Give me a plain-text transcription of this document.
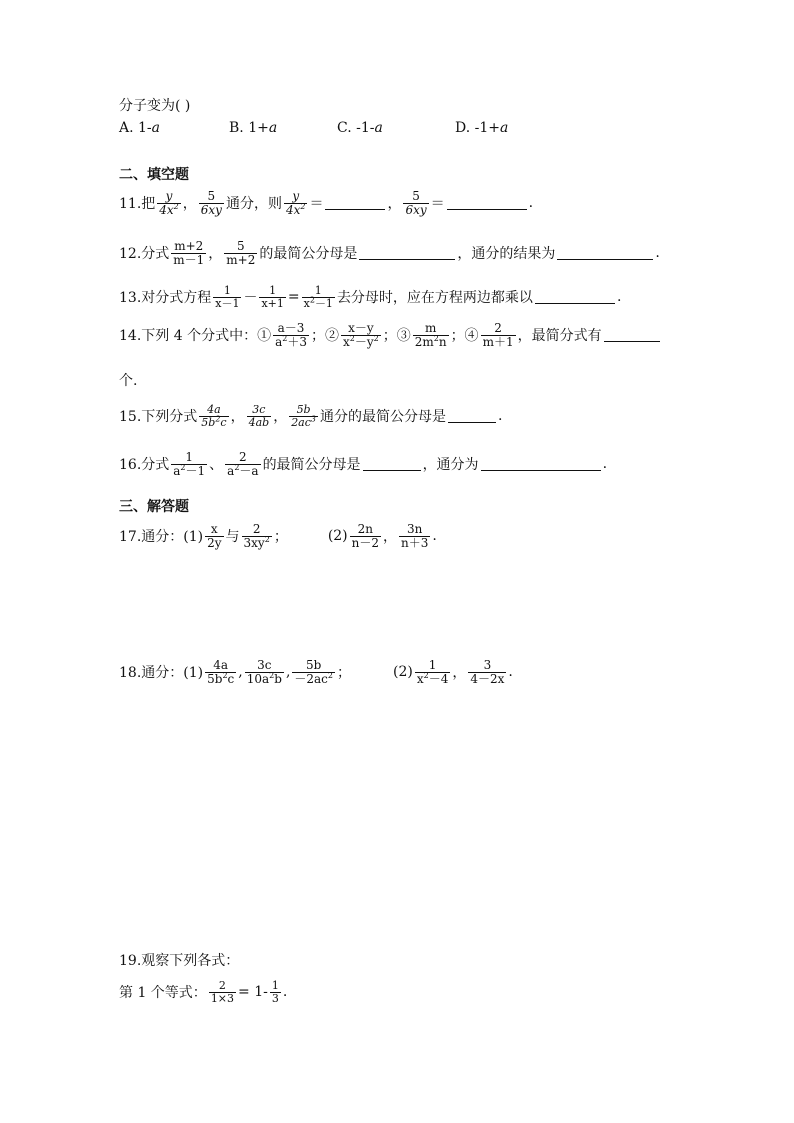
分子变为( )
A. 1-a	B. 1+a	C. -1-a	D. -1+a
二、填空题
11.把 $\frac{y}{4x^2}$ ， $\frac{5}{6xy}$ 通分，则 $\frac{y}{4x^2}$ ＝	， $\frac{5}{6xy}$ ＝	.
12.分式 $\frac{m+2}{m-1}$ ， $\frac{5}{m+2}$ 的最简公分母是	，通分的结果为	.
13.对分式方程 $\frac{1}{x-1} - \frac{1}{x+1} = \frac{1}{x^2-1}$ 去分母时，应在方程两边都乘以	.
14.下列 4 个分式中：① $\frac{a-3}{a^2+3}$ ；② $\frac{x-y}{x^2-y^2}$ ；③ $\frac{m}{2m^2n}$ ；④ $\frac{2}{m+1}$ ，最简分式有
个.
15.下列分式 $\frac{4a}{5b^2c}$ ， $\frac{3c}{4ab}$ ， $\frac{5b}{2ac^3}$ 通分的最简公分母是	.
16.分式 $\frac{1}{a^2-1}$ 、 $\frac{2}{a^2-a}$ 的最简公分母是	，通分为	.
三、解答题
17.通分：$(1) \frac{x}{2y}$ 与 $\frac{2}{3xy^2}$ ；	$(2) \frac{2n}{n-2}$ ， $\frac{3n}{n+3}$ .
18.通分：$(1) \frac{4a}{5b^2c}$ , $\frac{3c}{10a^2b}$ , $\frac{5b}{-2ac^2}$ ；	$(2) \frac{1}{x^2-4}$ ， $\frac{3}{4-2x}$ .
19.观察下列各式：
第 1 个等式： $\frac{2}{1\times 3} = 1- \frac{1}{3}$ .
